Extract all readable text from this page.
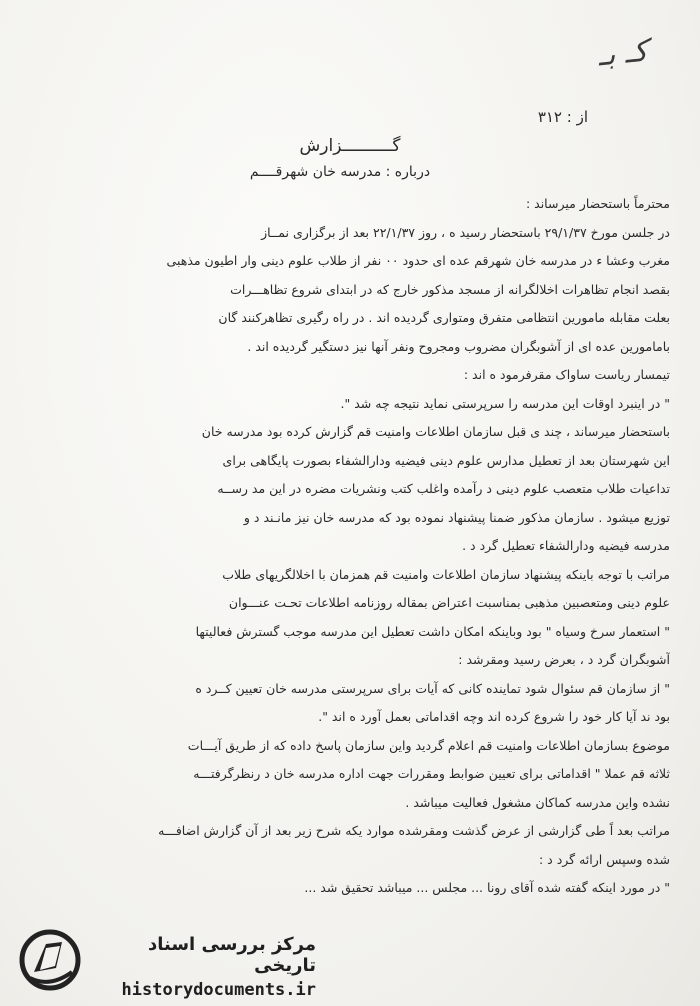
کـ بـ
از : ۳۱۲
گــــــــــزارش
درباره : مدرسه خان شهرقــــم
محترماً باستحضار میرساند :
در جلسن مورخ ۲۹/۱/۳۷ باستحضار رسید ه ، روز ۲۲/۱/۳۷ بعد از برگزاری نمــاز
مغرب وعشا ء در مدرسه خان شهرقم عده ای حدود ۰۰ نفر از طلاب علوم دینی وار اطیون مذهبی
بقصد انجام تظاهرات اخلالگرانه از مسجد مذکور خارج که در ابتدای شروع تظاهـــرات
بعلت مقابله مامورین انتظامی متفرق ومتواری گردیده اند . در راه رگیری تظاهرکنند گان
بامامورین عده ای از آشوبگران مضروب ومجروح ونفر آنها نیز دستگیر گردیده اند .
تیمسار ریاست ساواک مقرفرمود ه اند :
" در اینبرد اوقات این مدرسه را سرپرستی نماید نتیجه چه شد ".
باستحضار میرساند ، چند ی قبل سازمان اطلاعات وامنیت قم گزارش کرده بود مدرسه خان
این شهرستان بعد از تعطیل مدارس علوم دینی فیضیه ودارالشفاء بصورت پایگاهی برای
تداعیات طلاب متعصب علوم دینی د رآمده واغلب کتب ونشریات مضره در این مد رســه
توزیع میشود . سازمان مذکور ضمنا پیشنهاد نموده بود که مدرسه خان نیز مانـند د و
مدرسه فیضیه ودارالشفاء تعطیل گرد د .
مراتب با توجه باینکه پیشنهاد سازمان اطلاعات وامنیت قم همزمان با اخلالگریهای طلاب
علوم دینی ومتعصبین مذهبی بمناسبت اعتراض بمقاله روزنامه اطلاعات تحـت عنـــوان
" استعمار سرخ وسیاه " بود وباینکه امکان داشت تعطیل این مدرسه موجب گسترش فعالیتها
آشوبگران گرد د ، بعرض رسید ومقرشد :
" از سازمان قم سئوال شود تماینده کانی که آیات برای سرپرستی مدرسه خان تعیین کــرد ه
بود ند آیا کار خود را شروع کرده اند وچه اقداماتی بعمل آورد ه اند ".
موضوع بسازمان اطلاعات وامنیت قم اعلام گردید واین سازمان پاسخ داده که از طریق آیـــات
ثلاثه قم عملا " اقداماتی برای تعیین ضوابط ومقررات جهت اداره مدرسه خان د رنظرگرفتـــه
نشده واین مدرسه کماکان مشغول فعالیت میباشد .
مراتب بعد اً طی گزارشی از عرض گذشت ومقرشده موارد یکه شرح زیر بعد از آن گزارش اضافـــه
شده وسپس ارائه گرد د :
" در مورد اینکه گفته شده آقای رونا ... مجلس ... میباشد تحقیق شد ...
مرکز بررسی اسناد تاریخی
historydocuments.ir
